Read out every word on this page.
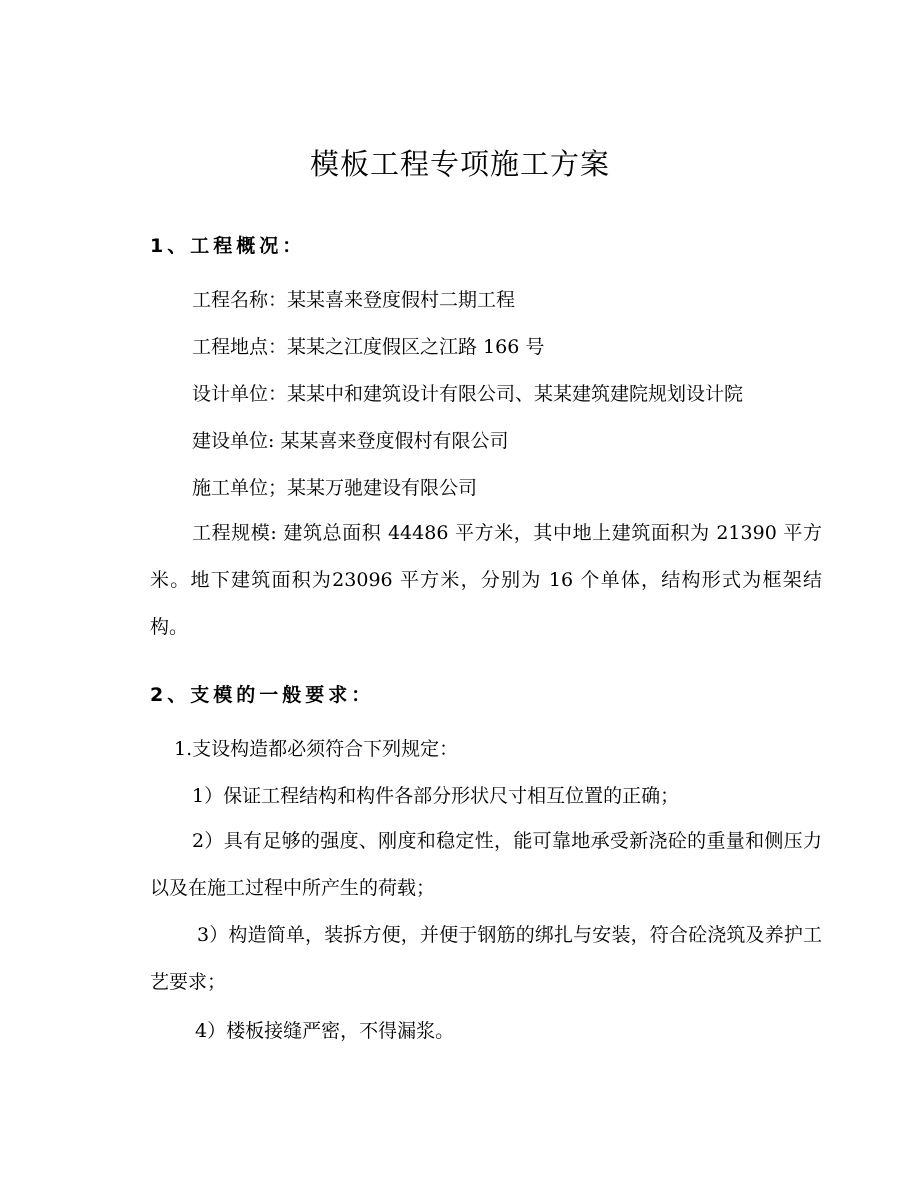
模板工程专项施工方案
1、工程概况：

工程名称：某某喜来登度假村二期工程

工程地点：某某之江度假区之江路 166 号

设计单位：某某中和建筑设计有限公司、某某建筑建院规划设计院

建设单位: 某某喜来登度假村有限公司

施工单位；某某万驰建设有限公司

工程规模: 建筑总面积 44486 平方米，其中地上建筑面积为 21390 平方米。地下建筑面积为23096 平方米，分别为 16 个单体，结构形式为框架结构。

2、支模的一般要求：

1.支设构造都必须符合下列规定：

1）保证工程结构和构件各部分形状尺寸相互位置的正确；

2）具有足够的强度、刚度和稳定性，能可靠地承受新浇砼的重量和侧压力以及在施工过程中所产生的荷载；

3）构造简单，装拆方便，并便于钢筋的绑扎与安装，符合砼浇筑及养护工艺要求；

4）楼板接缝严密，不得漏浆。
